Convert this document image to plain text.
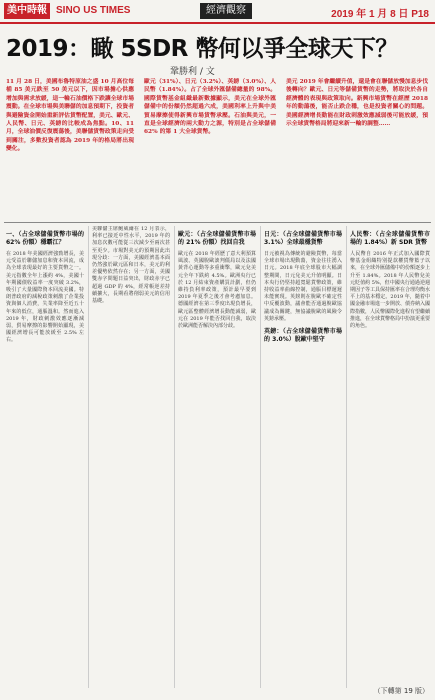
美中時報 SINO US TIMES	經濟觀察	2019 年 1 月 8 日 P18
2019：瞰 5SDR 幣何以爭全球天下？
鞏勝利 / 文
11 月 28 日，美國布魯特原油之盛 10 月高位每桶 85 美元跌至 50 美元以下，因市場擔心供應增加與需求放緩，這一輪石油價格下跌讓全球市場震動。在全球市場與美聯儲的加息預期下，投資者與避險資金開始重新評估貨幣配置，美元、歐元、人民幣、日元、英鎊的比較成為焦點。10、11 月，全球油價反復震蕩後，美聯儲貨幣政策走向受到關注，多數投資者認為 2019 年的格局將出現變化。
歐元（31%）、日元（3.2%）、英鎊（3.0%）、人民幣（1.84%）。占了全球外匯儲備總量的 98%。國際貨幣基金組織最新數據顯示，美元在全球外匯儲備中的份額仍然超過六成，美國利率上升與中美貿易摩擦使得新興市場貨幣承壓。石油與美元，一直是全球經濟的兩大動力之源，特別是占全球儲備 62% 的第 1 大全球貨幣。
美元 2019 年會繼續升值，還是會在聯儲放慢加息步伐後轉向？歐元、日元等儲備貨幣的走勢，將取決於各自經濟體的表現與政策取向。新興市場貨幣在經歷 2018 年的動蕩後，能否止跌企穩，也是投資者關心的問題。美國經濟增長動能在財政刺激效應減弱後可能放緩，預示全球貨幣格局將迎來新一輪的調整……
一、（占全球儲備貨幣市場的 62% 份額）穩霸江？
在 2018 年美國經濟強勁增長，美元受益於聯儲加息和資本回流，成為全球表現最好的主要貨幣之一。美元指數全年上漲約 4%，美國十年期國債收益率一度突破 3.2%，吸引了大量國際資本回流美國。特朗普政府的減稅政策刺激了企業投資與個人消費，失業率降至近五十年來的低位，通脹溫和。然而進入 2019 年，財政刺激效應逐漸減弱，貿易摩擦的影響開始顯現，美國經濟增長可能放緩至 2.5% 左右。
美聯儲主席鮑威爾在 12 月表示，利率已接近中性水平，2019 年的加息次數可能從三次減少至兩次甚至更少。市場對美元的預期因此出現分歧：一方面，美國經濟基本面仍然強於歐元區和日本，美元的利差優勢依然存在；另一方面，美國雙赤字問題日益突出，財政赤字已超過 GDP 的 4%，經常帳逆差持續擴大，長期看將削弱美元的信用基礎。
歐元：（占全球儲備貨幣市場的 21% 份額）找回自我
歐元在 2018 年經歷了意大利預算風波、英國脫歐談判僵局以及法國黃背心運動等多重衝擊，歐元兌美元全年下跌約 4.5%。歐洲央行已於 12 月結束資產購買計劃，但仍維持負利率政策，預計最早要到 2019 年夏季之後才會考慮加息。德國經濟在第三季度出現負增長，歐元區整體經濟增長動能減弱，歐元在 2019 年能否找回自我，取決於歐洲能否解決內部分歧。
日元：（占全球儲備貨幣市場 3.1%）全球最穩貨幣
日元被視為傳統的避險貨幣，每當全球市場出現動蕩，資金往往湧入日元。2018 年底全球股市大幅調整期間，日元兌美元升值明顯。日本央行仍堅持超寬鬆貨幣政策，維持收益率曲線控制，通脹目標遲遲未能實現。英鎊則在脫歐不確定性中反覆波動，議會能否通過脫歐協議成為關鍵，無協議脫歐的風險令英鎊承壓。
英鎊：（占全球儲備貨幣市場的 3.0%）脫歐中堅守
人民幣：（占全球儲備貨幣市場的 1.84%）新 SDR 貨幣
人民幣自 2016 年正式加入國際貨幣基金組織特別提款權貨幣籃子以來，在全球外匯儲備中的份額逐步上升至 1.84%。2018 年人民幣兌美元貶值約 5%，但中國央行通過逆週期因子等工具保持匯率在合理均衡水平上的基本穩定。2019 年，隨着中國金融市場進一步開放、債券納入國際指數，人民幣國際化進程有望繼續推進，在全球貨幣格局中扮演更重要的角色。
（下轉第 19 版）
